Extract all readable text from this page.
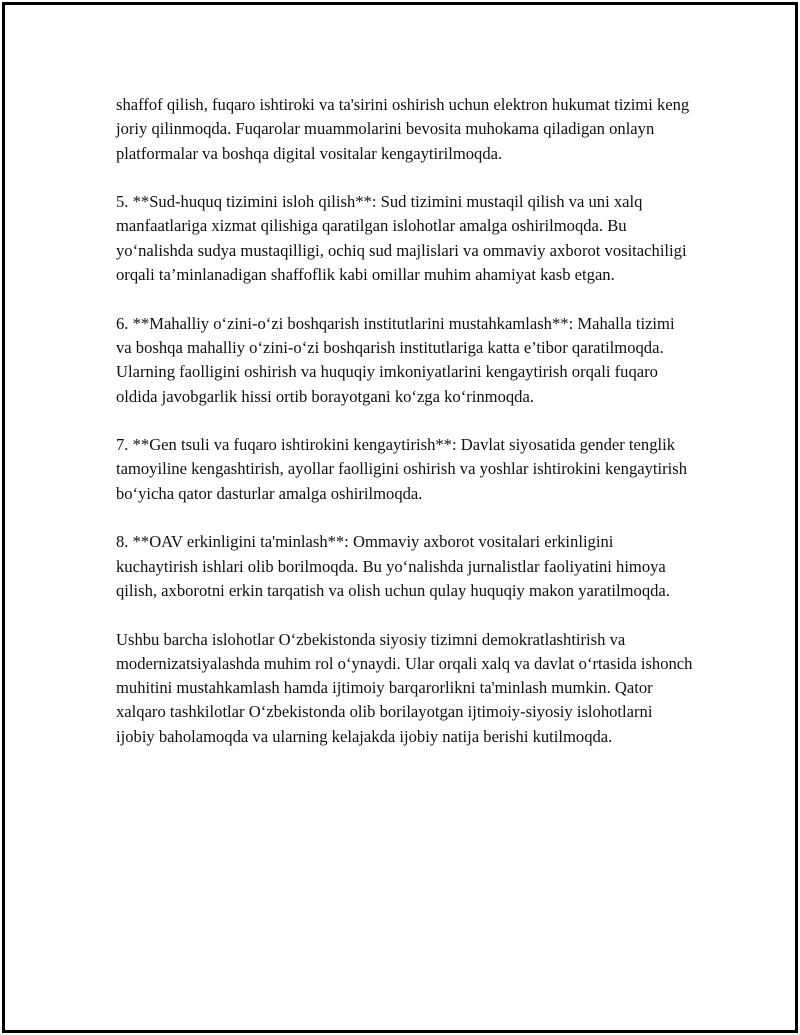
shaffof qilish, fuqaro ishtiroki va ta'sirini oshirish uchun elektron hukumat tizimi keng joriy qilinmoqda. Fuqarolar muammolarini bevosita muhokama qiladigan onlayn platformalar va boshqa digital vositalar kengaytirilmoqda.

5. **Sud-huquq tizimini isloh qilish**: Sud tizimini mustaqil qilish va uni xalq manfaatlariga xizmat qilishiga qaratilgan islohotlar amalga oshirilmoqda. Bu yo‘nalishda sudya mustaqilligi, ochiq sud majlislari va ommaviy axborot vositachiligi orqali ta’minlanadigan shaffoflik kabi omillar muhim ahamiyat kasb etgan.

6. **Mahalliy o‘zini-o‘zi boshqarish institutlarini mustahkamlash**: Mahalla tizimi va boshqa mahalliy o‘zini-o‘zi boshqarish institutlariga katta e’tibor qaratilmoqda. Ularning faolligini oshirish va huquqiy imkoniyatlarini kengaytirish orqali fuqaro oldida javobgarlik hissi ortib borayotgani ko‘zga ko‘rinmoqda.

7. **Gen tsuli va fuqaro ishtirokini kengaytirish**: Davlat siyosatida gender tenglik tamoyiline kengashtirish, ayollar faolligini oshirish va yoshlar ishtirokini kengaytirish bo‘yicha qator dasturlar amalga oshirilmoqda.

8. **OAV erkinligini ta'minlash**: Ommaviy axborot vositalari erkinligini kuchaytirish ishlari olib borilmoqda. Bu yo‘nalishda jurnalistlar faoliyatini himoya qilish, axborotni erkin tarqatish va olish uchun qulay huquqiy makon yaratilmoqda.

Ushbu barcha islohotlar O‘zbekistonda siyosiy tizimni demokratlashtirish va modernizatsiyalashda muhim rol o‘ynaydi. Ular orqali xalq va davlat o‘rtasida ishonch muhitini mustahkamlash hamda ijtimoiy barqarorlikni ta'minlash mumkin. Qator xalqaro tashkilotlar O‘zbekistonda olib borilayotgan ijtimoiy-siyosiy islohotlarni ijobiy baholamoqda va ularning kelajakda ijobiy natija berishi kutilmoqda.
